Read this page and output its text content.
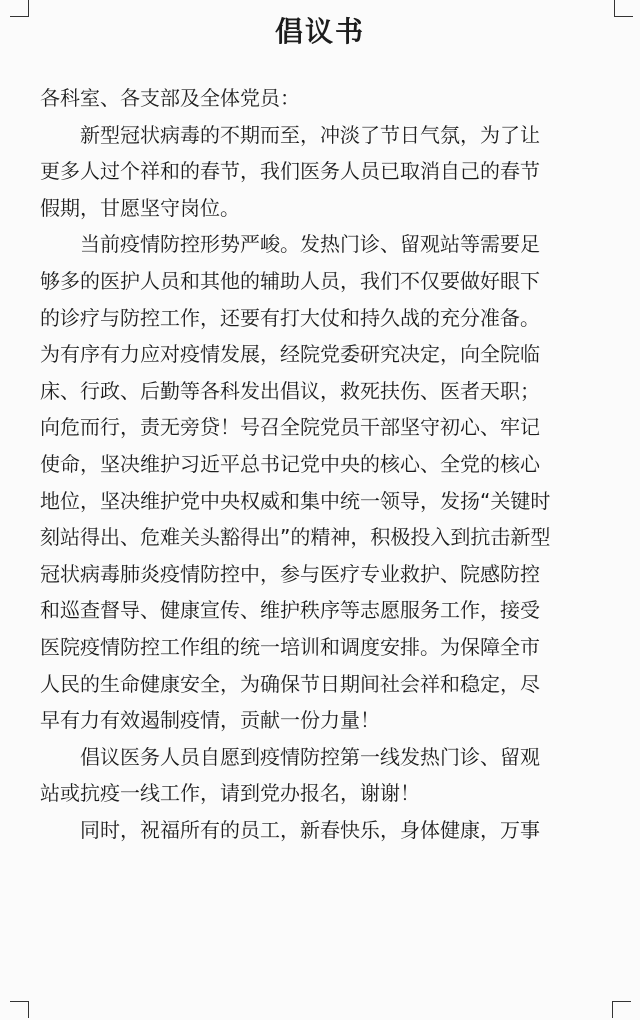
倡议书
各科室、各支部及全体党员：
新型冠状病毒的不期而至，冲淡了节日气氛，为了让
更多人过个祥和的春节，我们医务人员已取消自己的春节
假期，甘愿坚守岗位。
当前疫情防控形势严峻。发热门诊、留观站等需要足
够多的医护人员和其他的辅助人员，我们不仅要做好眼下
的诊疗与防控工作，还要有打大仗和持久战的充分准备。
为有序有力应对疫情发展，经院党委研究决定，向全院临
床、行政、后勤等各科发出倡议，救死扶伤、医者天职；
向危而行，责无旁贷！号召全院党员干部坚守初心、牢记
使命，坚决维护习近平总书记党中央的核心、全党的核心
地位，坚决维护党中央权威和集中统一领导，发扬“关键时
刻站得出、危难关头豁得出”的精神，积极投入到抗击新型
冠状病毒肺炎疫情防控中，参与医疗专业救护、院感防控
和巡查督导、健康宣传、维护秩序等志愿服务工作，接受
医院疫情防控工作组的统一培训和调度安排。为保障全市
人民的生命健康安全，为确保节日期间社会祥和稳定，尽
早有力有效遏制疫情，贡献一份力量！
倡议医务人员自愿到疫情防控第一线发热门诊、留观
站或抗疫一线工作，请到党办报名，谢谢！
同时，祝福所有的员工，新春快乐，身体健康，万事
